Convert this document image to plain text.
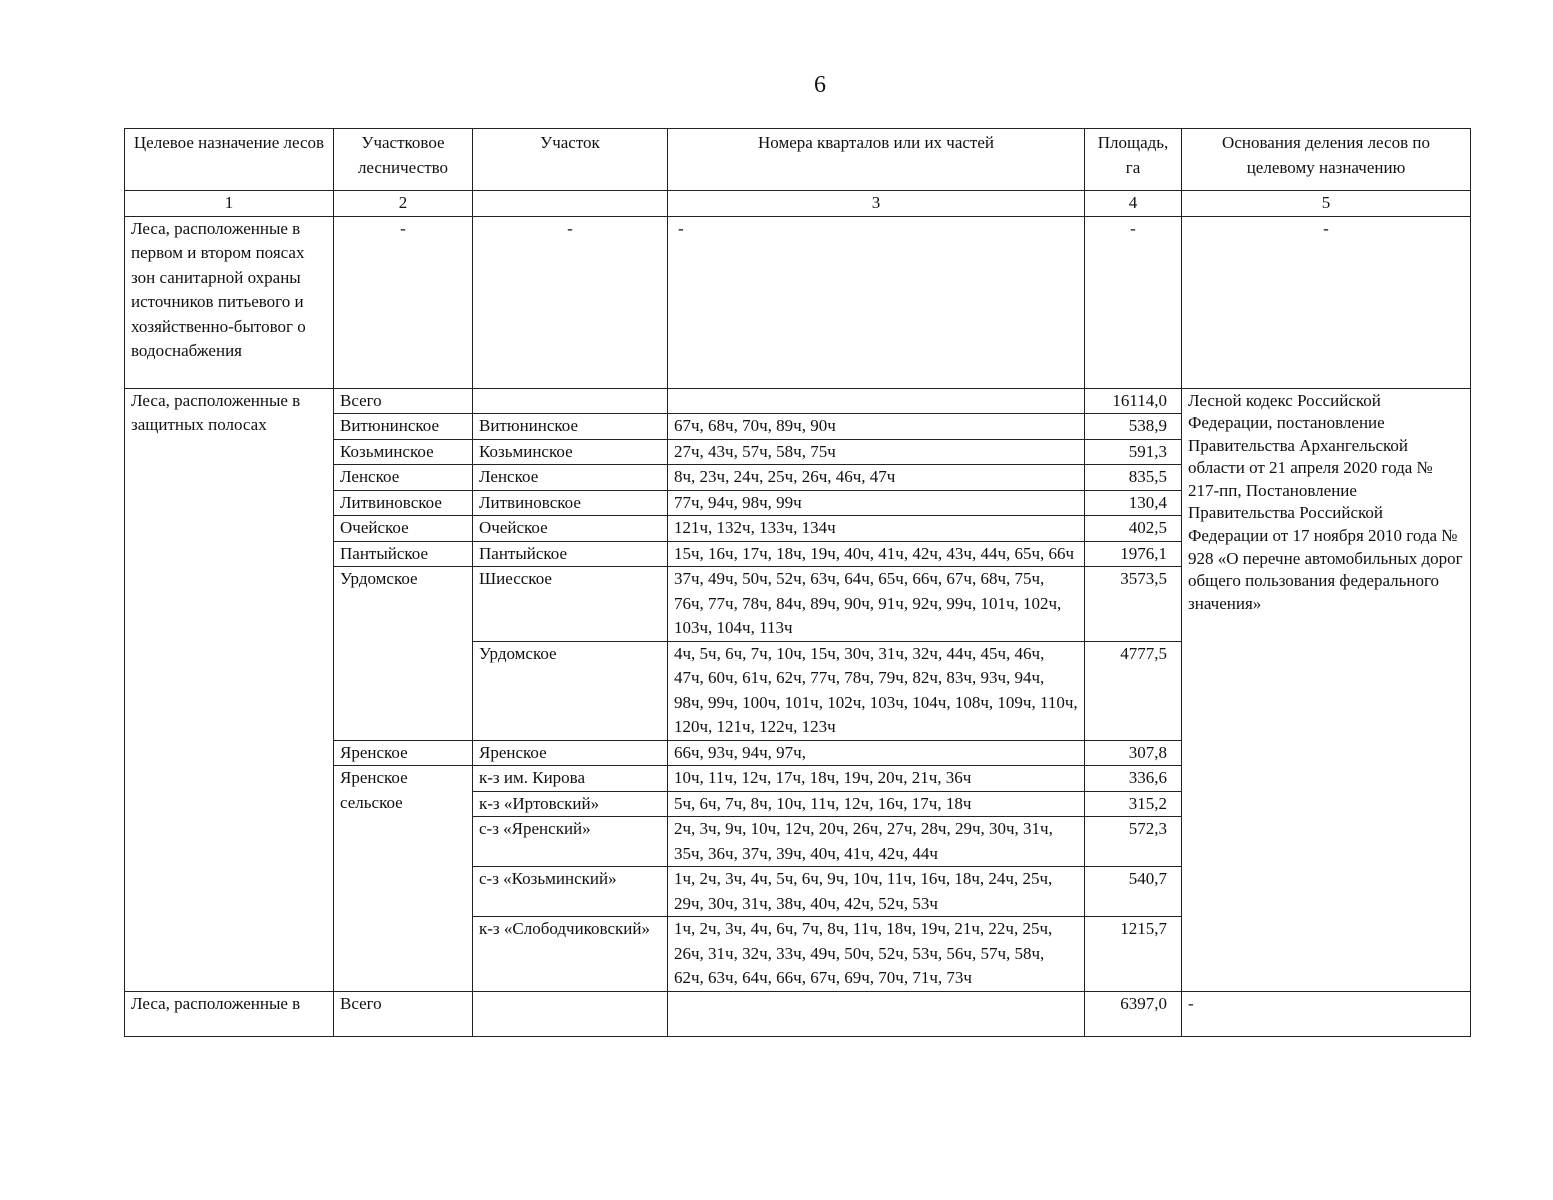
6
Целевое назначение лесов	Участковое лесничество	Участок	Номера кварталов или их частей	Площадь, га	Основания деления лесов по целевому назначению
1	2		3	4	5
Леса, расположенные в первом и втором поясах зон санитарной охраны источников питьевого и хозяйственно-бытовог о водоснабжения	-	-	-	-	-
Леса, расположенные в защитных полосах	Всего			16114,0	Лесной кодекс Российской Федерации, постановление Правительства Архангельской области от 21 апреля 2020 года № 217-пп, Постановление Правительства Российской Федерации от 17 ноября 2010 года № 928 «О перечне автомобильных дорог общего пользования федерального значения»
	Витюнинское	Витюнинское	67ч, 68ч, 70ч, 89ч, 90ч	538,9	
	Козьминское	Козьминское	27ч, 43ч, 57ч, 58ч, 75ч	591,3	
	Ленское	Ленское	8ч, 23ч, 24ч, 25ч, 26ч, 46ч, 47ч	835,5	
	Литвиновское	Литвиновское	77ч, 94ч, 98ч, 99ч	130,4	
	Очейское	Очейское	121ч, 132ч, 133ч, 134ч	402,5	
	Пантыйское	Пантыйское	15ч, 16ч, 17ч, 18ч, 19ч, 40ч, 41ч, 42ч, 43ч, 44ч, 65ч, 66ч	1976,1	
	Урдомское	Шиесское	37ч, 49ч, 50ч, 52ч, 63ч, 64ч, 65ч, 66ч, 67ч, 68ч, 75ч, 76ч, 77ч, 78ч, 84ч, 89ч, 90ч, 91ч, 92ч, 99ч, 101ч, 102ч, 103ч, 104ч, 113ч	3573,5	
		Урдомское	4ч, 5ч, 6ч, 7ч, 10ч, 15ч, 30ч, 31ч, 32ч, 44ч, 45ч, 46ч, 47ч, 60ч, 61ч, 62ч, 77ч, 78ч, 79ч, 82ч, 83ч, 93ч, 94ч, 98ч, 99ч, 100ч, 101ч, 102ч, 103ч, 104ч, 108ч, 109ч, 110ч, 120ч, 121ч, 122ч, 123ч	4777,5	
	Яренское	Яренское	66ч, 93ч, 94ч, 97ч,	307,8	
	Яренское сельское	к-з им. Кирова	10ч, 11ч, 12ч, 17ч, 18ч, 19ч, 20ч, 21ч, 36ч	336,6	
		к-з «Иртовский»	5ч, 6ч, 7ч, 8ч, 10ч, 11ч, 12ч, 16ч, 17ч, 18ч	315,2	
		с-з «Яренский»	2ч, 3ч, 9ч, 10ч, 12ч, 20ч, 26ч, 27ч, 28ч, 29ч, 30ч, 31ч, 35ч, 36ч, 37ч, 39ч, 40ч, 41ч, 42ч, 44ч	572,3	
		с-з «Козьминский»	1ч, 2ч, 3ч, 4ч, 5ч, 6ч, 9ч, 10ч, 11ч, 16ч, 18ч, 24ч, 25ч, 29ч, 30ч, 31ч, 38ч, 40ч, 42ч, 52ч, 53ч	540,7	
		к-з «Слободчиковский»	1ч, 2ч, 3ч, 4ч, 6ч, 7ч, 8ч, 11ч, 18ч, 19ч, 21ч, 22ч, 25ч, 26ч, 31ч, 32ч, 33ч, 49ч, 50ч, 52ч, 53ч, 56ч, 57ч, 58ч, 62ч, 63ч, 64ч, 66ч, 67ч, 69ч, 70ч, 71ч, 73ч	1215,7	
Леса, расположенные в	Всего			6397,0	-
